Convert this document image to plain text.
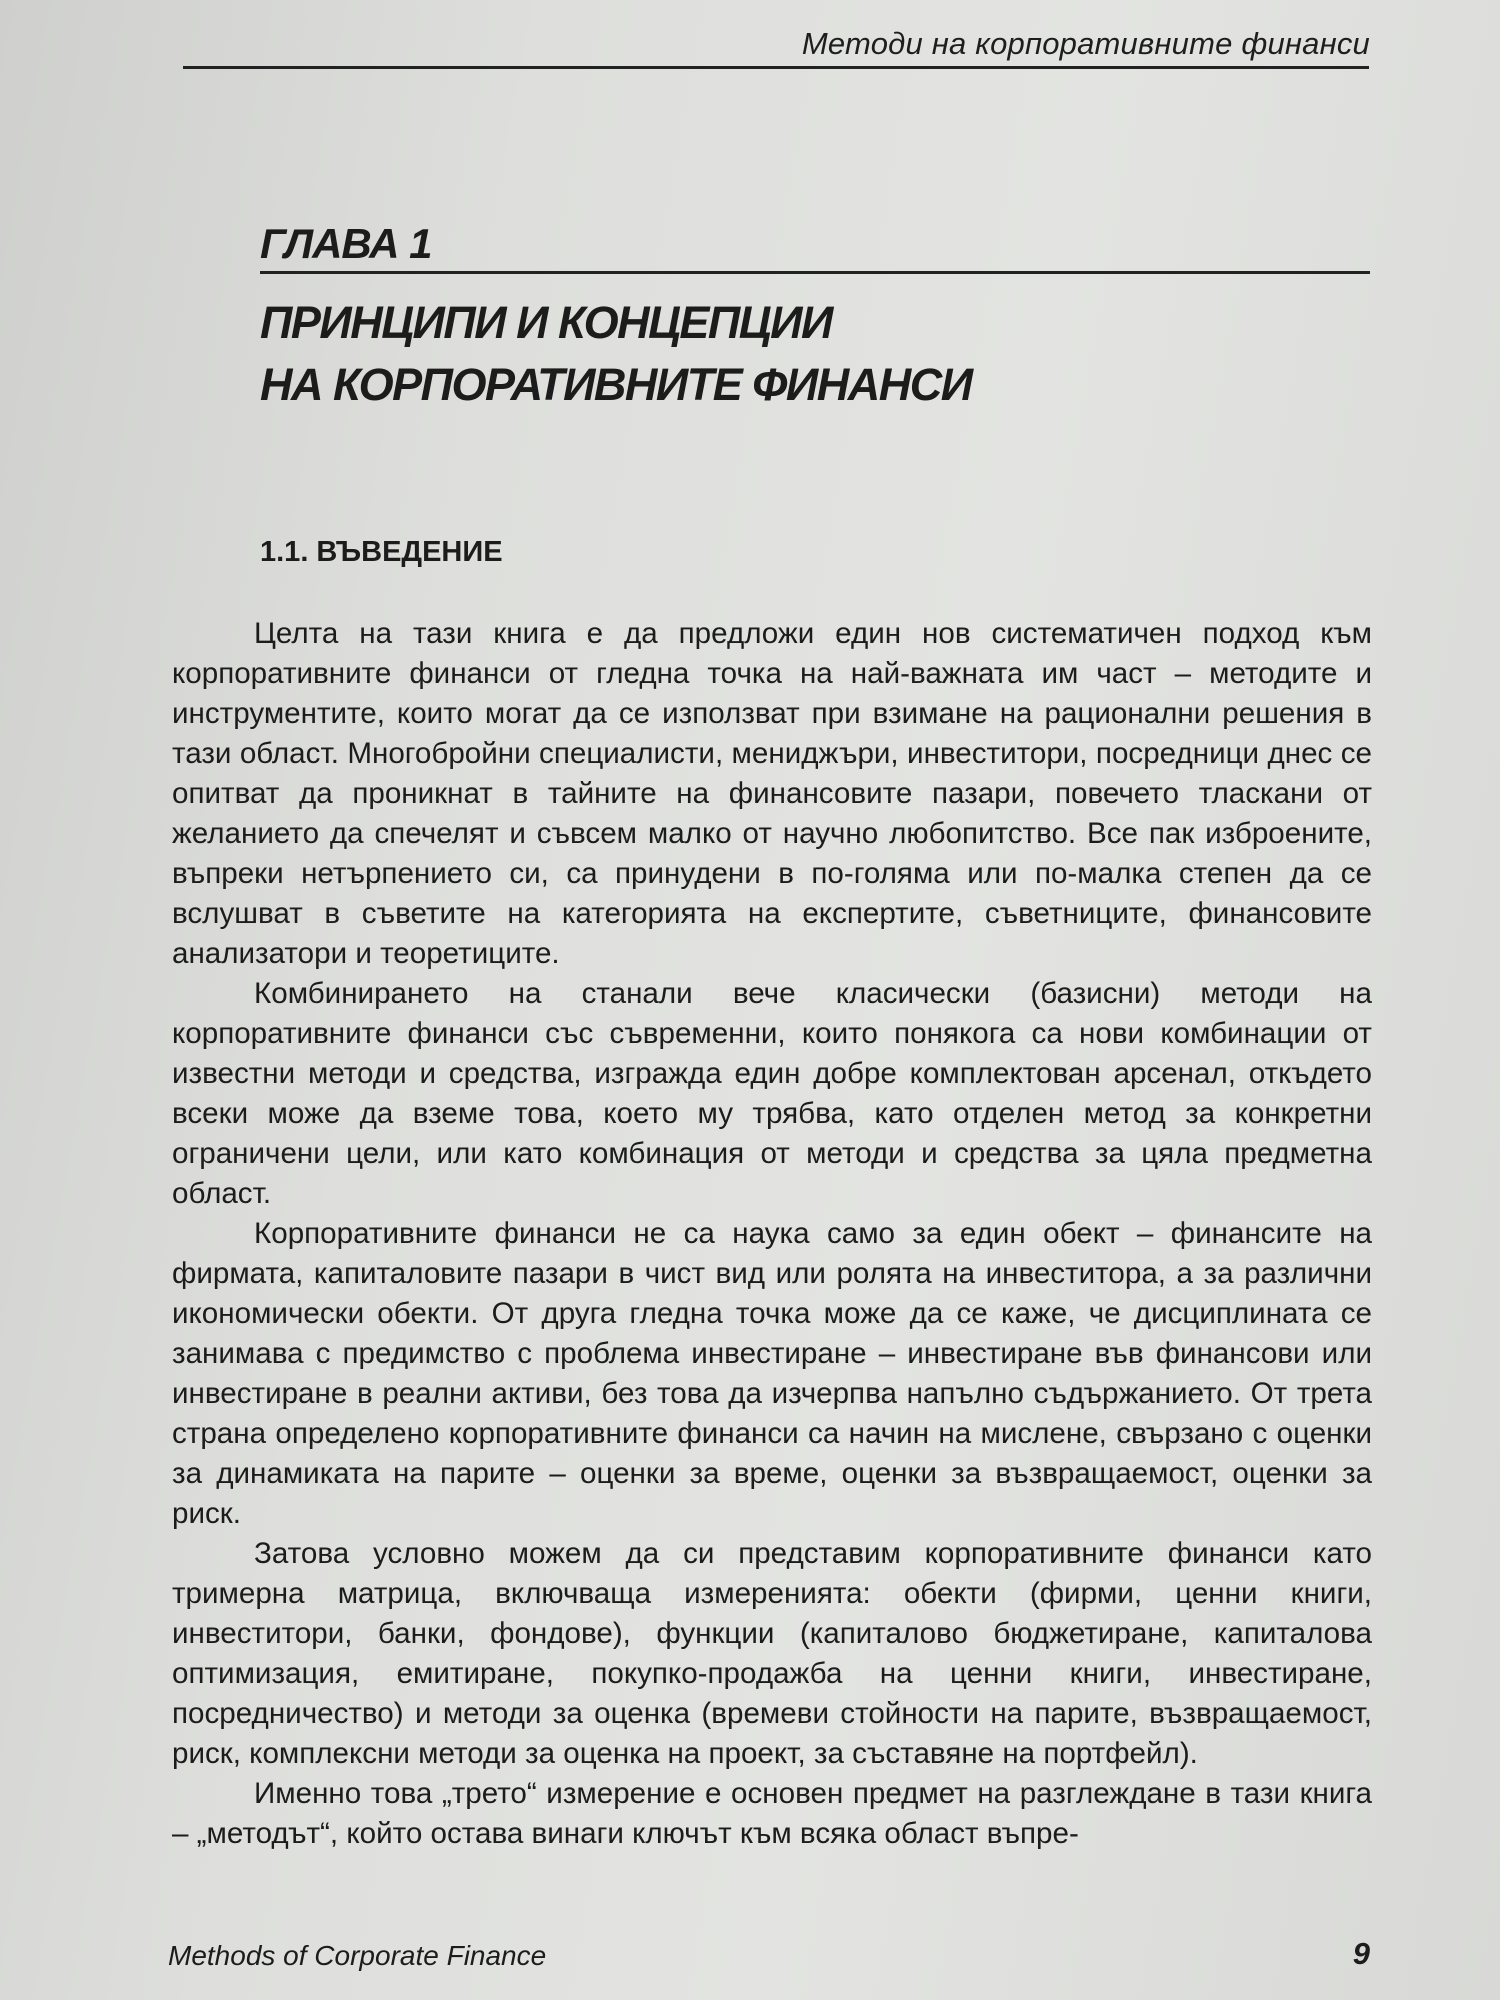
Методи на корпоративните финанси
ГЛАВА 1
ПРИНЦИПИ И КОНЦЕПЦИИ
НА КОРПОРАТИВНИТЕ ФИНАНСИ
1.1. ВЪВЕДЕНИЕ

Целта на тази книга е да предложи един нов систематичен подход към корпоративните финанси от гледна точка на най-важната им част – методите и инструментите, които могат да се използват при взимане на рационални решения в тази област. Многобройни специалисти, мениджъри, инвеститори, посредници днес се опитват да проникнат в тайните на финансовите пазари, повечето тласкани от желанието да спечелят и съвсем малко от научно любопитство. Все пак изброените, въпреки нетърпението си, са принудени в по-голяма или по-малка степен да се вслушват в съветите на категорията на експертите, съветниците, финансовите анализатори и теоретиците.

Комбинирането на станали вече класически (базисни) методи на корпоративните финанси със съвременни, които понякога са нови комбинации от известни методи и средства, изгражда един добре комплектован арсенал, откъдето всеки може да вземе това, което му трябва, като отделен метод за конкретни ограничени цели, или като комбинация от методи и средства за цяла предметна област.

Корпоративните финанси не са наука само за един обект – финансите на фирмата, капиталовите пазари в чист вид или ролята на инвеститора, а за различни икономически обекти. От друга гледна точка може да се каже, че дисциплината се занимава с предимство с проблема инвестиране – инвестиране във финансови или инвестиране в реални активи, без това да изчерпва напълно съдържанието. От трета страна определено корпоративните финанси са начин на мислене, свързано с оценки за динамиката на парите – оценки за време, оценки за възвращаемост, оценки за риск.

Затова условно можем да си представим корпоративните финанси като тримерна матрица, включваща измеренията: обекти (фирми, ценни книги, инвеститори, банки, фондове), функции (капиталово бюджетиране, капиталова оптимизация, емитиране, покупко-продажба на ценни книги, инвестиране, посредничество) и методи за оценка (времеви стойности на парите, възвращаемост, риск, комплексни методи за оценка на проект, за съставяне на портфейл).

Именно това „трето“ измерение е основен предмет на разглеждане в тази книга – „методът“, който остава винаги ключът към всяка област въпре-

Methods of Corporate Finance	9
